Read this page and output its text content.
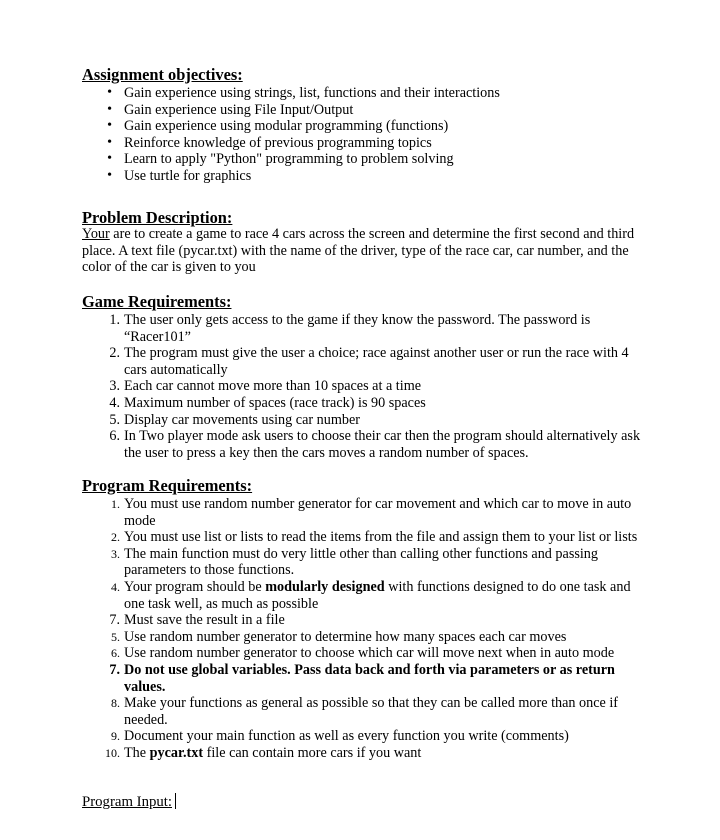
Assignment objectives:
• Gain experience using strings, list, functions and their interactions
• Gain experience using File Input/Output
• Gain experience using modular programming (functions)
• Reinforce knowledge of previous programming topics
• Learn to apply "Python" programming to problem solving
• Use turtle for graphics
Problem Description:

Your are to create a game to race 4 cars across the screen and determine the first second and third place. A text file (pycar.txt) with the name of the driver, type of the race car, car number, and the color of the car is given to you

Game Requirements:
1. The user only gets access to the game if they know the password. The password is “Racer101”
2. The program must give the user a choice; race against another user or run the race with 4 cars automatically
3. Each car cannot move more than 10 spaces at a time
4. Maximum number of spaces (race track) is 90 spaces
5. Display car movements using car number
6. In Two player mode ask users to choose their car then the program should alternatively ask the user to press a key then the cars moves a random number of spaces.
Program Requirements:
1. You must use random number generator for car movement and which car to move in auto mode
2. You must use list or lists to read the items from the file and assign them to your list or lists
3. The main function must do very little other than calling other functions and passing parameters to those functions.
4. Your program should be modularly designed with functions designed to do one task and one task well, as much as possible
7. Must save the result in a file
5. Use random number generator to determine how many spaces each car moves
6. Use random number generator to choose which car will move next when in auto mode
7. Do not use global variables. Pass data back and forth via parameters or as return values.
8. Make your functions as general as possible so that they can be called more than once if needed.
9. Document your main function as well as every function you write (comments)
10. The pycar.txt file can contain more cars if you want

Program Input:
